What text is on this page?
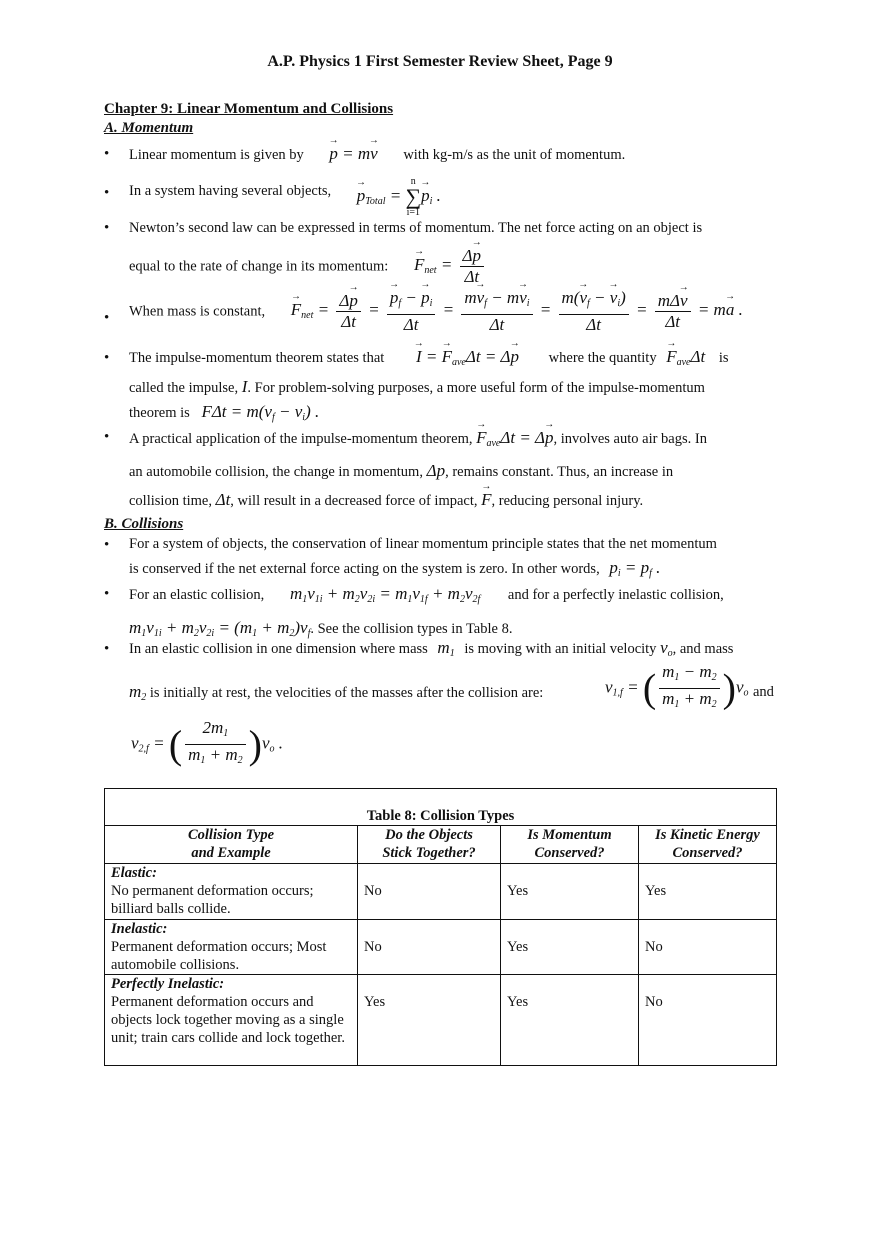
A.P. Physics 1 First Semester Review Sheet, Page 9
Chapter 9: Linear Momentum and Collisions
A. Momentum
• Linear momentum is given by → p = m→ v with kg-m/s as the unit of momentum.
• In a system having several objects, → pTotal =
n
∑
i=1
→ pi .
• Newton’s second law can be expressed in terms of momentum. The net force acting on an object is
equal to the rate of change in its momentum: → Fnet = $\frac{\Delta\to p}{\Delta t}$
• When mass is constant, → Fnet = $\frac{\Delta\to p}{\Delta t}$ = → $\frac{pf - \to pi}{\Delta t} = \frac{m\to vf - m\to vi}{\Delta t} = \frac{m(\to vf - \to vi)}{\Delta t} = \frac{m\Delta\to v}{\Delta t} = m\to a$ .
• The impulse-momentum theorem states that → I = → FaveΔt = Δ→ p where the quantity → FaveΔt is
called the impulse, I. For problem-solving purposes, a more useful form of the impulse-momentum
theorem is FΔt = m(vf − vi) .
• A practical application of the impulse-momentum theorem, → FaveΔt = Δ→ p, involves auto air bags. In
an automobile collision, the change in momentum, Δp, remains constant. Thus, an increase in
collision time, Δt, will result in a decreased force of impact, → F, reducing personal injury.
B. Collisions
• For a system of objects, the conservation of linear momentum principle states that the net momentum
is conserved if the net external force acting on the system is zero. In other words, pi = pf .
• For an elastic collision, m1v1i + m2v2i = m1v1f + m2v2f and for a perfectly inelastic collision,
m1v1i + m2v2i = (m1 + m2)vf. See the collision types in Table 8.
• In an elastic collision in one dimension where mass m1 is moving with an initial velocity vo, and mass
m2 is initially at rest, the velocities of the masses after the collision are:	v1,f = ( $\frac{m1 - m2}{m1 + m2} )vo$ and
v2,f = ( $\frac{2m1}{m1 + m2} )vo$ .
Table 8: Collision Types			
Collision Type
and Example	Do the Objects
Stick Together?	Is Momentum
Conserved?	Is Kinetic Energy
Conserved?

Elastic:
No permanent deformation occurs; billiard balls collide.	No	Yes	Yes

Inelastic:
Permanent deformation occurs; Most automobile collisions.	No	Yes	No

Perfectly Inelastic:
Permanent deformation occurs and objects lock together moving as a single unit; train cars collide and lock together.	Yes	Yes	No
